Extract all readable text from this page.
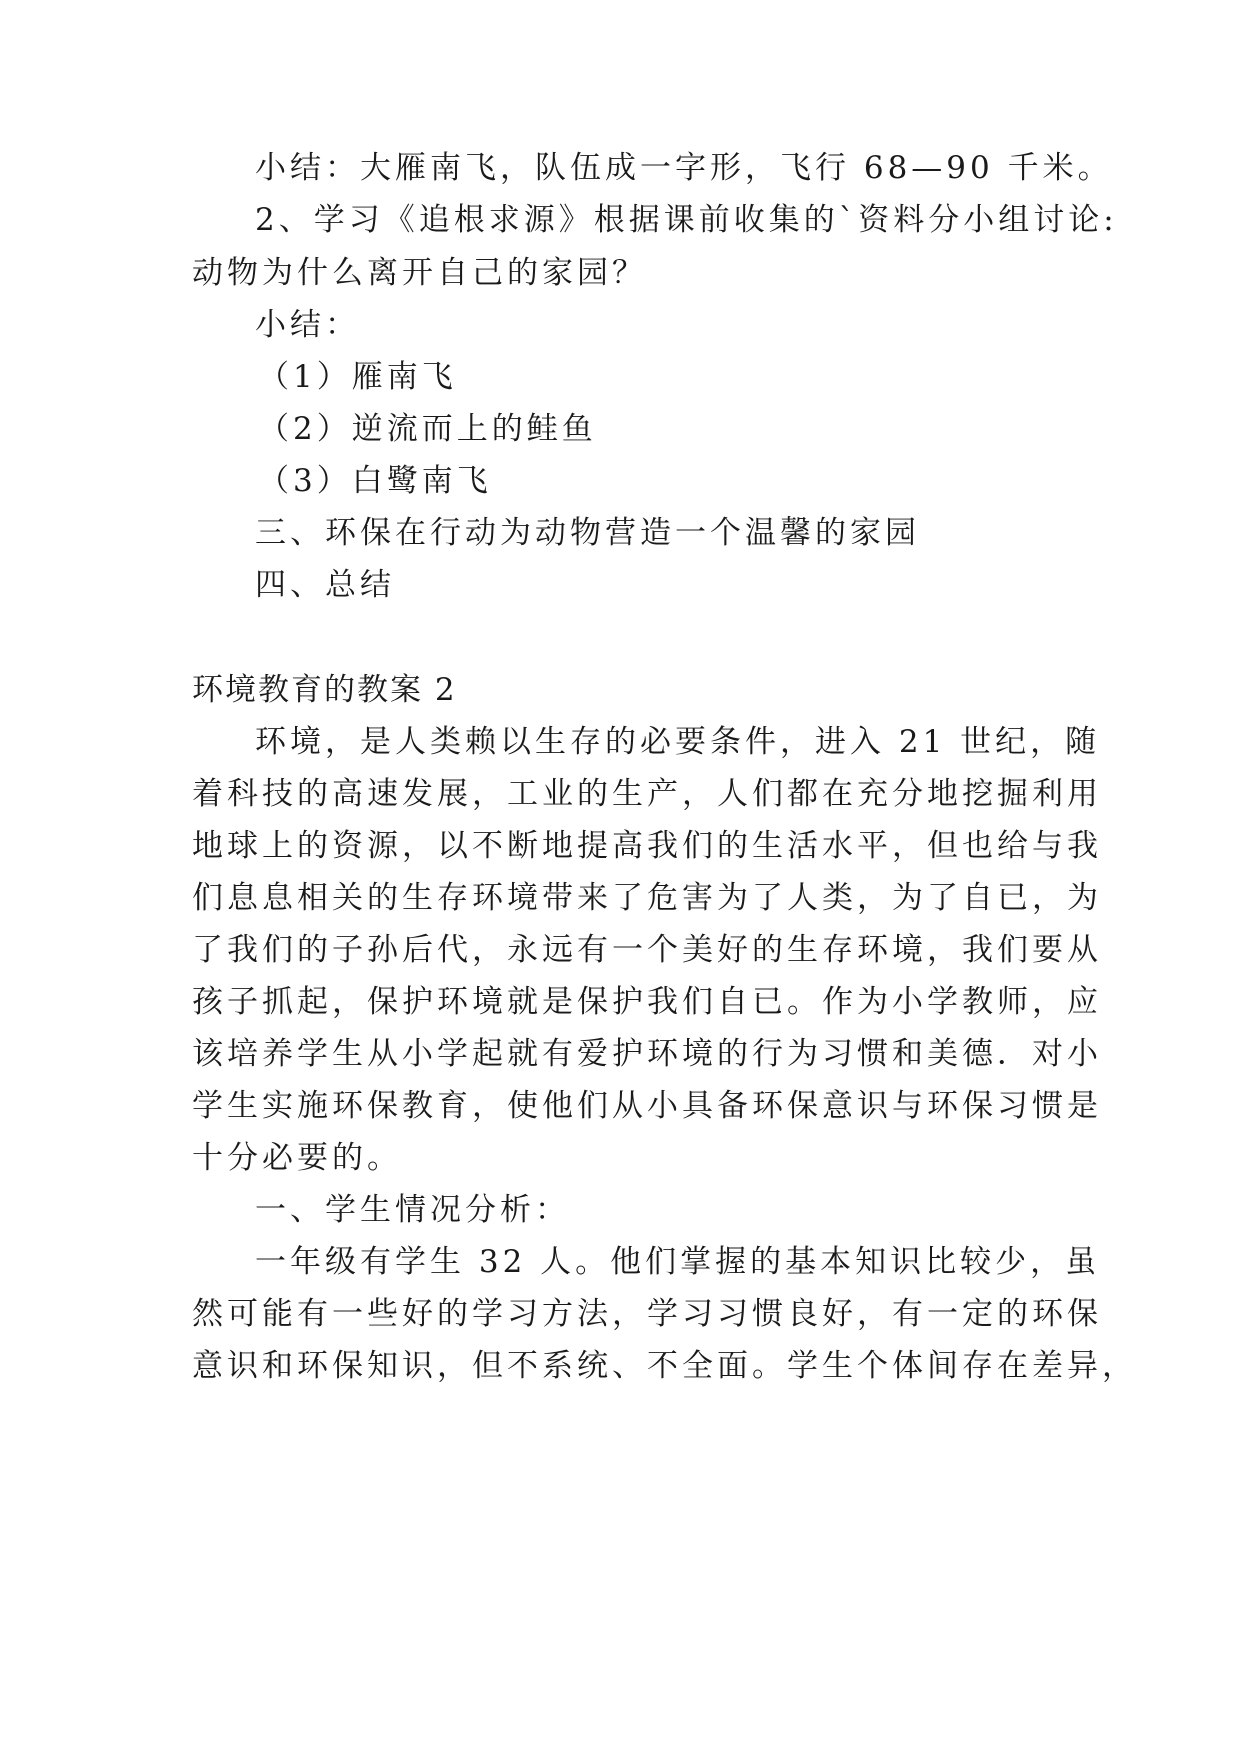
小结：大雁南飞，队伍成一字形，飞行 68—90 千米。
2、学习《追根求源》根据课前收集的`资料分小组讨论:
动物为什么离开自己的家园？
小结：
（1）雁南飞
（2）逆流而上的鲑鱼
（3）白鹭南飞
三、环保在行动为动物营造一个温馨的家园
四、总结
环境教育的教案 2
环境，是人类赖以生存的必要条件，进入 21 世纪，随
着科技的高速发展，工业的生产，人们都在充分地挖掘利用
地球上的资源，以不断地提高我们的生活水平，但也给与我
们息息相关的生存环境带来了危害为了人类，为了自已，为
了我们的子孙后代，永远有一个美好的生存环境，我们要从
孩子抓起，保护环境就是保护我们自已。作为小学教师，应
该培养学生从小学起就有爱护环境的行为习惯和美德．对小
学生实施环保教育，使他们从小具备环保意识与环保习惯是
十分必要的。
一、学生情况分析：
一年级有学生 32 人。他们掌握的基本知识比较少，虽
然可能有一些好的学习方法，学习习惯良好，有一定的环保
意识和环保知识，但不系统、不全面。学生个体间存在差异，
